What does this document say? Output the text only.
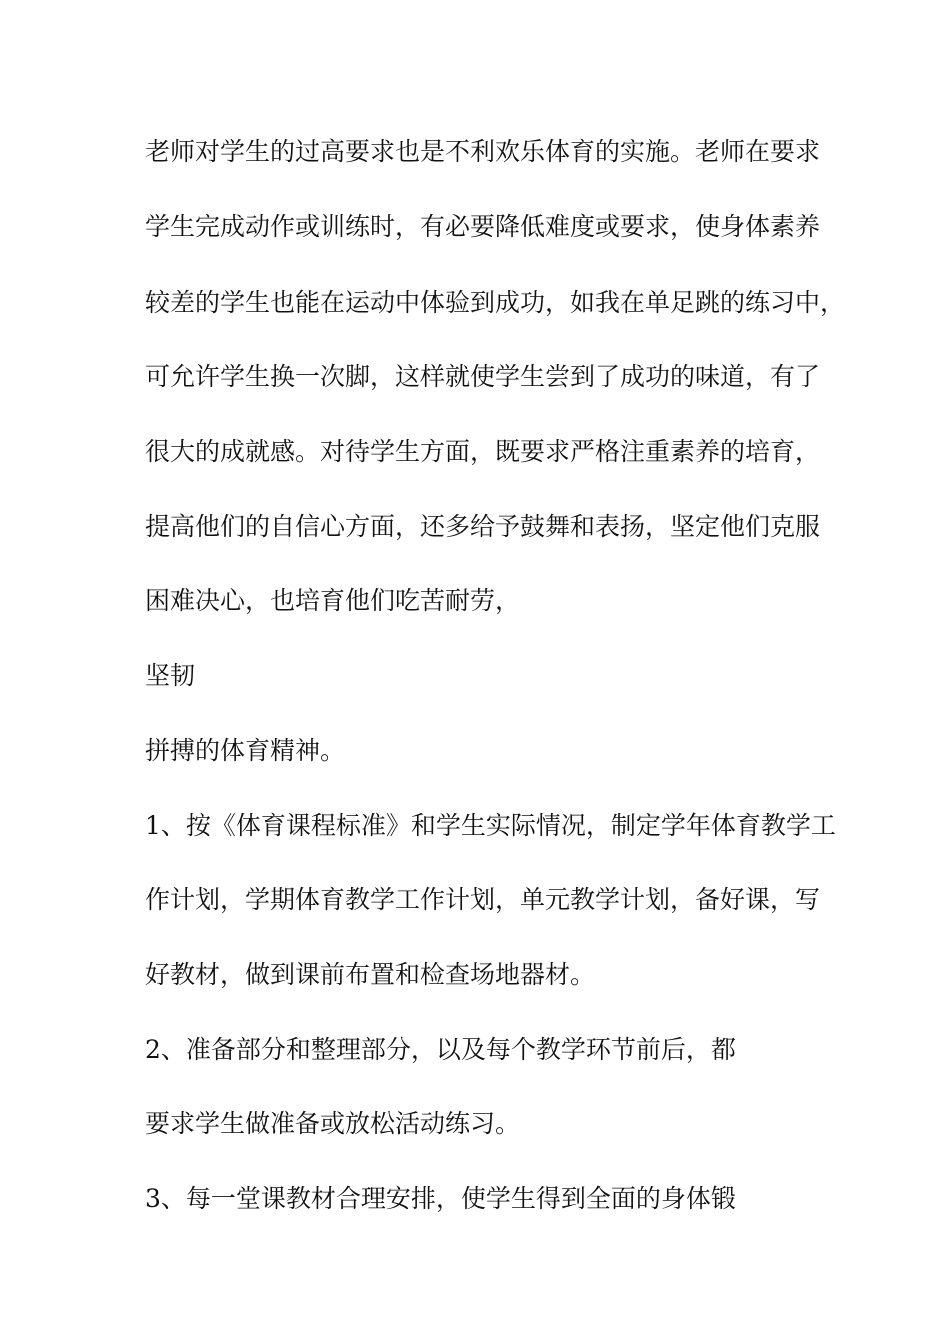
老师对学生的过高要求也是不利欢乐体育的实施。老师在要求

学生完成动作或训练时，有必要降低难度或要求，使身体素养

较差的学生也能在运动中体验到成功，如我在单足跳的练习中，

可允许学生换一次脚，这样就使学生尝到了成功的味道，有了

很大的成就感。对待学生方面，既要求严格注重素养的培育，

提高他们的自信心方面，还多给予鼓舞和表扬，坚定他们克服

困难决心，也培育他们吃苦耐劳，

坚韧

拼搏的体育精神。

1、按《体育课程标准》和学生实际情况，制定学年体育教学工

作计划，学期体育教学工作计划，单元教学计划，备好课，写

好教材，做到课前布置和检查场地器材。

2、准备部分和整理部分，以及每个教学环节前后，都

要求学生做准备或放松活动练习。

3、每一堂课教材合理安排，使学生得到全面的身体锻
